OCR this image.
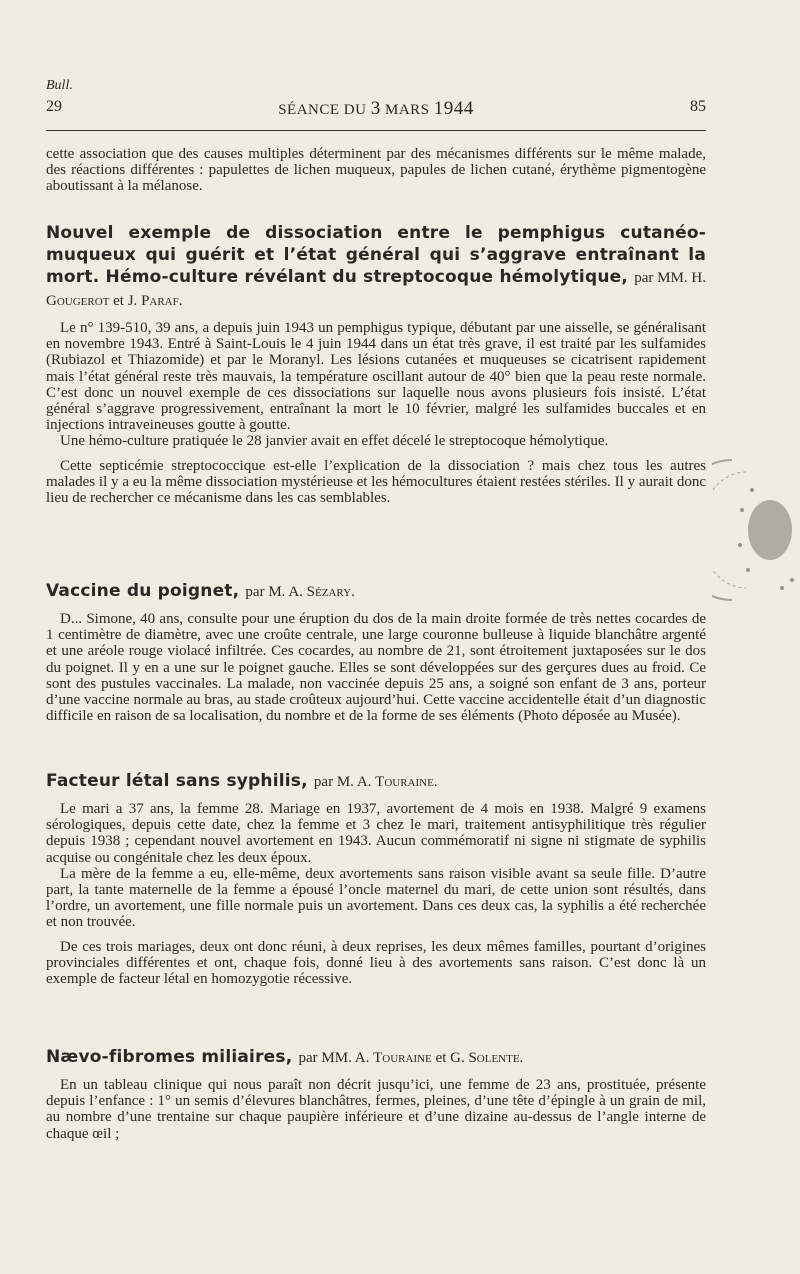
Bull.
29	SÉANCE DU 3 MARS 1944	85

cette association que des causes multiples déterminent par des mécanismes différents sur le même malade, des réactions différentes : papulettes de lichen muqueux, papules de lichen cutané, érythème pigmentogène aboutissant à la mélanose.

Nouvel exemple de dissociation entre le pemphigus cutanéo-muqueux qui guérit et l’état général qui s’aggrave entraînant la mort. Hémo-culture révélant du streptocoque hémolytique, par MM. H. Gougerot et J. Paraf.

Le n° 139-510, 39 ans, a depuis juin 1943 un pemphigus typique, débutant par une aisselle, se généralisant en novembre 1943. Entré à Saint-Louis le 4 juin 1944 dans un état très grave, il est traité par les sulfamides (Rubiazol et Thiazomide) et par le Moranyl. Les lésions cutanées et muqueuses se cicatrisent rapidement mais l’état général reste très mauvais, la température oscillant autour de 40° bien que la peau reste normale. C’est donc un nouvel exemple de ces dissociations sur laquelle nous avons plusieurs fois insisté. L’état général s’aggrave progressivement, entraînant la mort le 10 février, malgré les sulfamides buccales et en injections intraveineuses goutte à goutte.

Une hémo-culture pratiquée le 28 janvier avait en effet décelé le streptocoque hémolytique.

Cette septicémie streptococcique est-elle l’explication de la dissociation ? mais chez tous les autres malades il y a eu la même dissociation mystérieuse et les hémocultures étaient restées stériles. Il y aurait donc lieu de rechercher ce mécanisme dans les cas semblables.

Vaccine du poignet, par M. A. Sézary.

D... Simone, 40 ans, consulte pour une éruption du dos de la main droite formée de très nettes cocardes de 1 centimètre de diamètre, avec une croûte centrale, une large couronne bulleuse à liquide blanchâtre argenté et une aréole rouge violacé infiltrée. Ces cocardes, au nombre de 21, sont étroitement juxtaposées sur le dos du poignet. Il y en a une sur le poignet gauche. Elles se sont développées sur des gerçures dues au froid. Ce sont des pustules vaccinales. La malade, non vaccinée depuis 25 ans, a soigné son enfant de 3 ans, porteur d’une vaccine normale au bras, au stade croûteux aujourd’hui. Cette vaccine accidentelle était d’un diagnostic difficile en raison de sa localisation, du nombre et de la forme de ses éléments (Photo déposée au Musée).

Facteur létal sans syphilis, par M. A. Touraine.

Le mari a 37 ans, la femme 28. Mariage en 1937, avortement de 4 mois en 1938. Malgré 9 examens sérologiques, depuis cette date, chez la femme et 3 chez le mari, traitement antisyphilitique très régulier depuis 1938 ; cependant nouvel avortement en 1943. Aucun commémoratif ni signe ni stigmate de syphilis acquise ou congénitale chez les deux époux.

La mère de la femme a eu, elle-même, deux avortements sans raison visible avant sa seule fille. D’autre part, la tante maternelle de la femme a épousé l’oncle maternel du mari, de cette union sont résultés, dans l’ordre, un avortement, une fille normale puis un avortement. Dans ces deux cas, la syphilis a été recherchée et non trouvée.

De ces trois mariages, deux ont donc réuni, à deux reprises, les deux mêmes familles, pourtant d’origines provinciales différentes et ont, chaque fois, donné lieu à des avortements sans raison. C’est donc là un exemple de facteur létal en homozygotie récessive.

Nævo-fibromes miliaires, par MM. A. Touraine et G. Solente.

En un tableau clinique qui nous paraît non décrit jusqu’ici, une femme de 23 ans, prostituée, présente depuis l’enfance : 1° un semis d’élevures blanchâtres, fermes, pleines, d’une tête d’épingle à un grain de mil, au nombre d’une trentaine sur chaque paupière inférieure et d’une dizaine au-dessus de l’angle interne de chaque œil ;
